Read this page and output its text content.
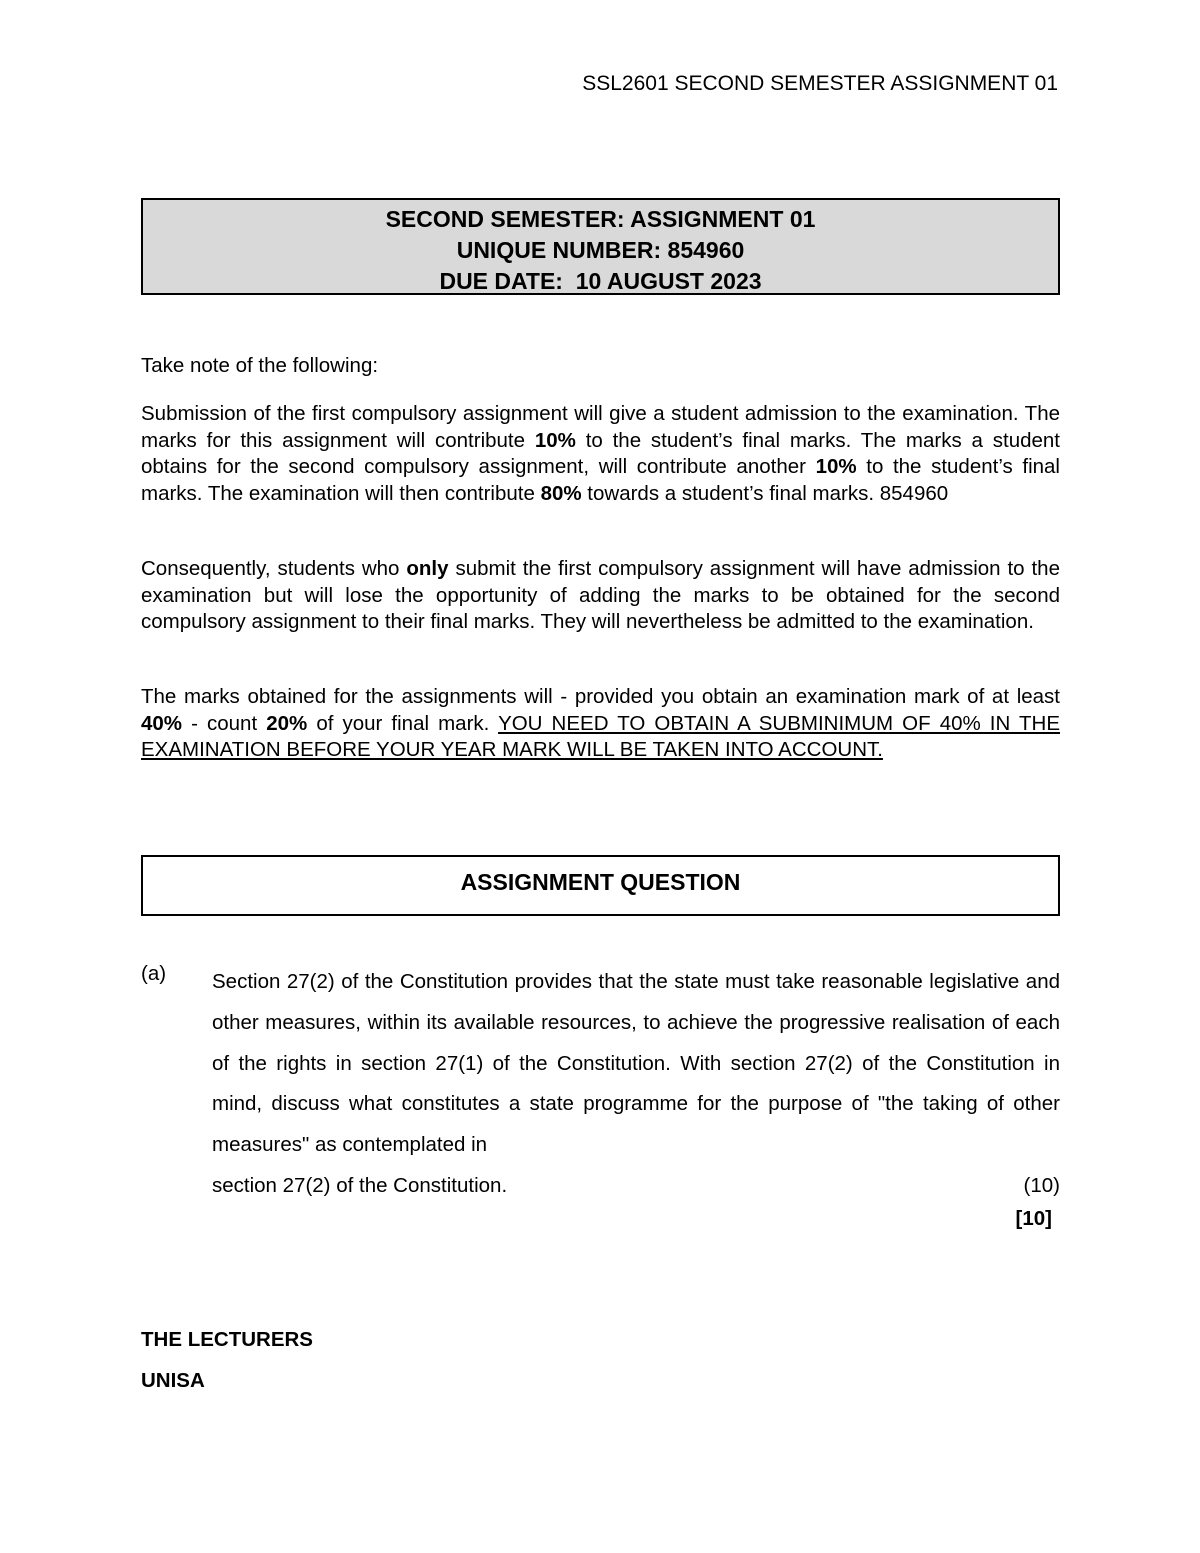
SSL2601 SECOND SEMESTER ASSIGNMENT 01
SECOND SEMESTER: ASSIGNMENT 01
UNIQUE NUMBER: 854960
DUE DATE:  10 AUGUST 2023

Take note of the following:

Submission of the first compulsory assignment will give a student admission to the examination. The marks for this assignment will contribute 10% to the student’s final marks. The marks a student obtains for the second compulsory assignment, will contribute another 10% to the student’s final marks. The examination will then contribute 80% towards a student’s final marks. 854960

Consequently, students who only submit the first compulsory assignment will have admission to the examination but will lose the opportunity of adding the marks to be obtained for the second compulsory assignment to their final marks. They will nevertheless be admitted to the examination.

The marks obtained for the assignments will - provided you obtain an examination mark of at least 40% - count 20% of your final mark. YOU NEED TO OBTAIN A SUBMINIMUM OF 40% IN THE EXAMINATION BEFORE YOUR YEAR MARK WILL BE TAKEN INTO ACCOUNT.

ASSIGNMENT QUESTION
(a) Section 27(2) of the Constitution provides that the state must take reasonable legislative and other measures, within its available resources, to achieve the progressive realisation of each of the rights in section 27(1) of the Constitution. With section 27(2) of the Constitution in mind, discuss what constitutes a state programme for the purpose of "the taking of other measures" as contemplated in
section 27(2) of the Constitution.	(10)
[10]
THE LECTURERS
UNISA
